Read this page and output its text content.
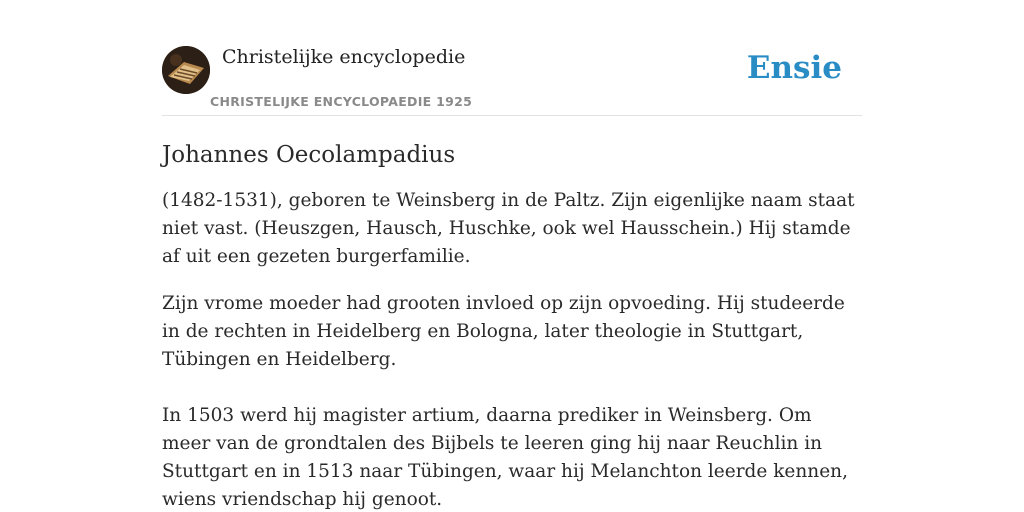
Christelijke encyclopedie
CHRISTELIJKE ENCYCLOPAEDIE 1925
Ensie
Johannes Oecolampadius

(1482-1531), geboren te Weinsberg in de Paltz. Zijn eigenlijke naam staat niet vast. (Heuszgen, Hausch, Huschke, ook wel Hausschein.) Hij stamde af uit een gezeten burgerfamilie.

Zijn vrome moeder had grooten invloed op zijn opvoeding. Hij studeerde in de rechten in Heidelberg en Bologna, later theologie in Stuttgart, Tübingen en Heidelberg.

In 1503 werd hij magister artium, daarna prediker in Weinsberg. Om meer van de grondtalen des Bijbels te leeren ging hij naar Reuchlin in Stuttgart en in 1513 naar Tübingen, waar hij Melanchton leerde kennen, wiens vriendschap hij genoot.
